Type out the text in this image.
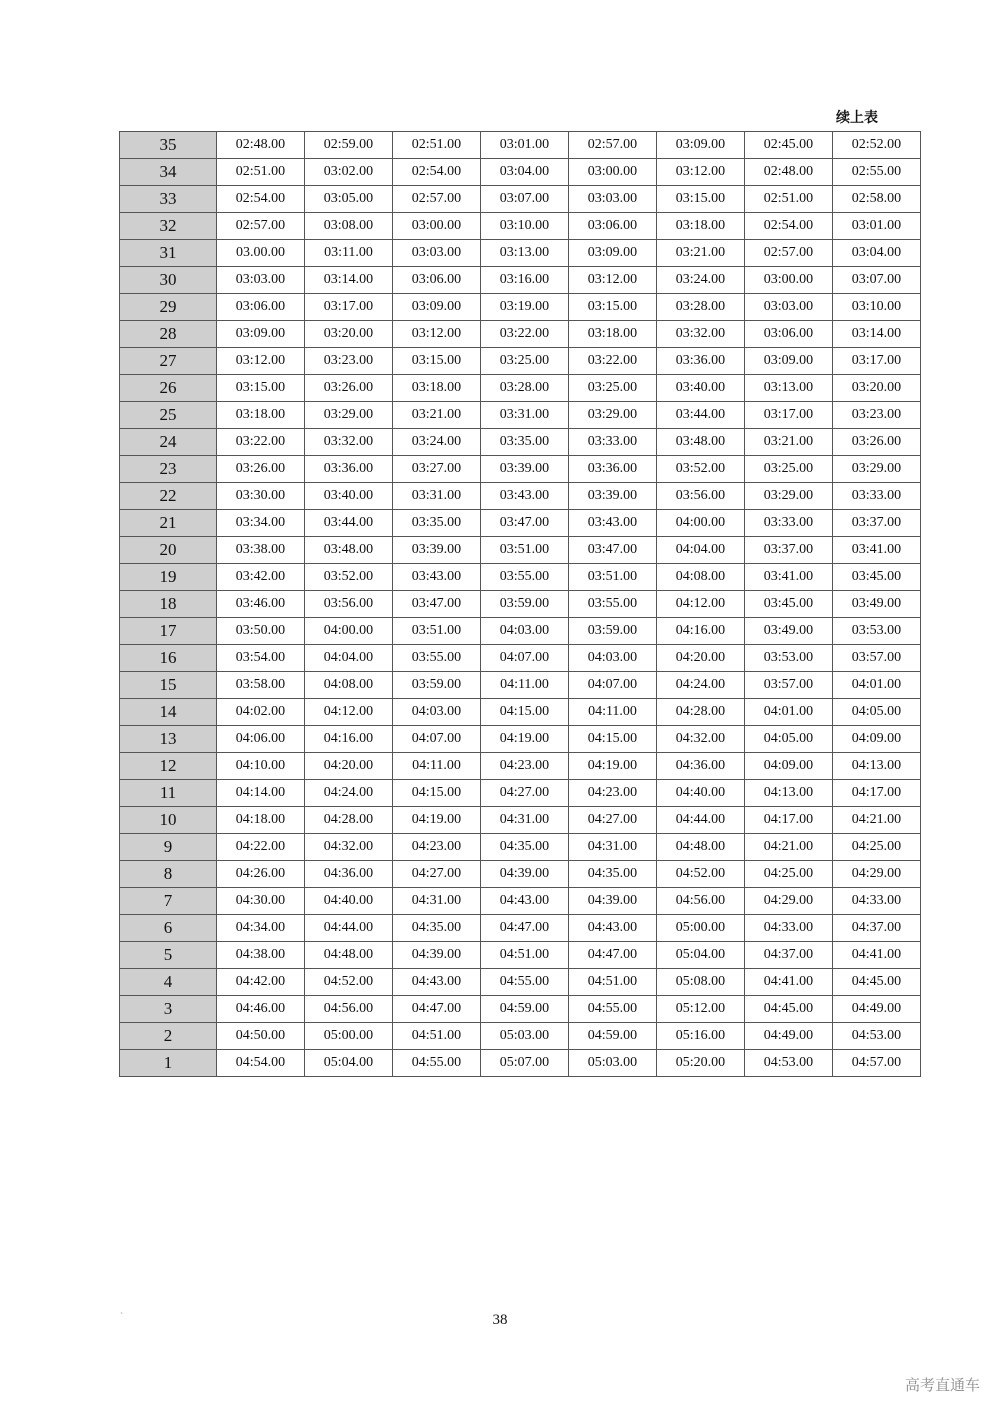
续上表
35	02:48.00	02:59.00	02:51.00	03:01.00	02:57.00	03:09.00	02:45.00	02:52.00
34	02:51.00	03:02.00	02:54.00	03:04.00	03:00.00	03:12.00	02:48.00	02:55.00
33	02:54.00	03:05.00	02:57.00	03:07.00	03:03.00	03:15.00	02:51.00	02:58.00
32	02:57.00	03:08.00	03:00.00	03:10.00	03:06.00	03:18.00	02:54.00	03:01.00
31	03.00.00	03:11.00	03:03.00	03:13.00	03:09.00	03:21.00	02:57.00	03:04.00
30	03:03.00	03:14.00	03:06.00	03:16.00	03:12.00	03:24.00	03:00.00	03:07.00
29	03:06.00	03:17.00	03:09.00	03:19.00	03:15.00	03:28.00	03:03.00	03:10.00
28	03:09.00	03:20.00	03:12.00	03:22.00	03:18.00	03:32.00	03:06.00	03:14.00
27	03:12.00	03:23.00	03:15.00	03:25.00	03:22.00	03:36.00	03:09.00	03:17.00
26	03:15.00	03:26.00	03:18.00	03:28.00	03:25.00	03:40.00	03:13.00	03:20.00
25	03:18.00	03:29.00	03:21.00	03:31.00	03:29.00	03:44.00	03:17.00	03:23.00
24	03:22.00	03:32.00	03:24.00	03:35.00	03:33.00	03:48.00	03:21.00	03:26.00
23	03:26.00	03:36.00	03:27.00	03:39.00	03:36.00	03:52.00	03:25.00	03:29.00
22	03:30.00	03:40.00	03:31.00	03:43.00	03:39.00	03:56.00	03:29.00	03:33.00
21	03:34.00	03:44.00	03:35.00	03:47.00	03:43.00	04:00.00	03:33.00	03:37.00
20	03:38.00	03:48.00	03:39.00	03:51.00	03:47.00	04:04.00	03:37.00	03:41.00
19	03:42.00	03:52.00	03:43.00	03:55.00	03:51.00	04:08.00	03:41.00	03:45.00
18	03:46.00	03:56.00	03:47.00	03:59.00	03:55.00	04:12.00	03:45.00	03:49.00
17	03:50.00	04:00.00	03:51.00	04:03.00	03:59.00	04:16.00	03:49.00	03:53.00
16	03:54.00	04:04.00	03:55.00	04:07.00	04:03.00	04:20.00	03:53.00	03:57.00
15	03:58.00	04:08.00	03:59.00	04:11.00	04:07.00	04:24.00	03:57.00	04:01.00
14	04:02.00	04:12.00	04:03.00	04:15.00	04:11.00	04:28.00	04:01.00	04:05.00
13	04:06.00	04:16.00	04:07.00	04:19.00	04:15.00	04:32.00	04:05.00	04:09.00
12	04:10.00	04:20.00	04:11.00	04:23.00	04:19.00	04:36.00	04:09.00	04:13.00
11	04:14.00	04:24.00	04:15.00	04:27.00	04:23.00	04:40.00	04:13.00	04:17.00
10	04:18.00	04:28.00	04:19.00	04:31.00	04:27.00	04:44.00	04:17.00	04:21.00
9	04:22.00	04:32.00	04:23.00	04:35.00	04:31.00	04:48.00	04:21.00	04:25.00
8	04:26.00	04:36.00	04:27.00	04:39.00	04:35.00	04:52.00	04:25.00	04:29.00
7	04:30.00	04:40.00	04:31.00	04:43.00	04:39.00	04:56.00	04:29.00	04:33.00
6	04:34.00	04:44.00	04:35.00	04:47.00	04:43.00	05:00.00	04:33.00	04:37.00
5	04:38.00	04:48.00	04:39.00	04:51.00	04:47.00	05:04.00	04:37.00	04:41.00
4	04:42.00	04:52.00	04:43.00	04:55.00	04:51.00	05:08.00	04:41.00	04:45.00
3	04:46.00	04:56.00	04:47.00	04:59.00	04:55.00	05:12.00	04:45.00	04:49.00
2	04:50.00	05:00.00	04:51.00	05:03.00	04:59.00	05:16.00	04:49.00	04:53.00
1	04:54.00	05:04.00	04:55.00	05:07.00	05:03.00	05:20.00	04:53.00	04:57.00
`	38
高考直通车
